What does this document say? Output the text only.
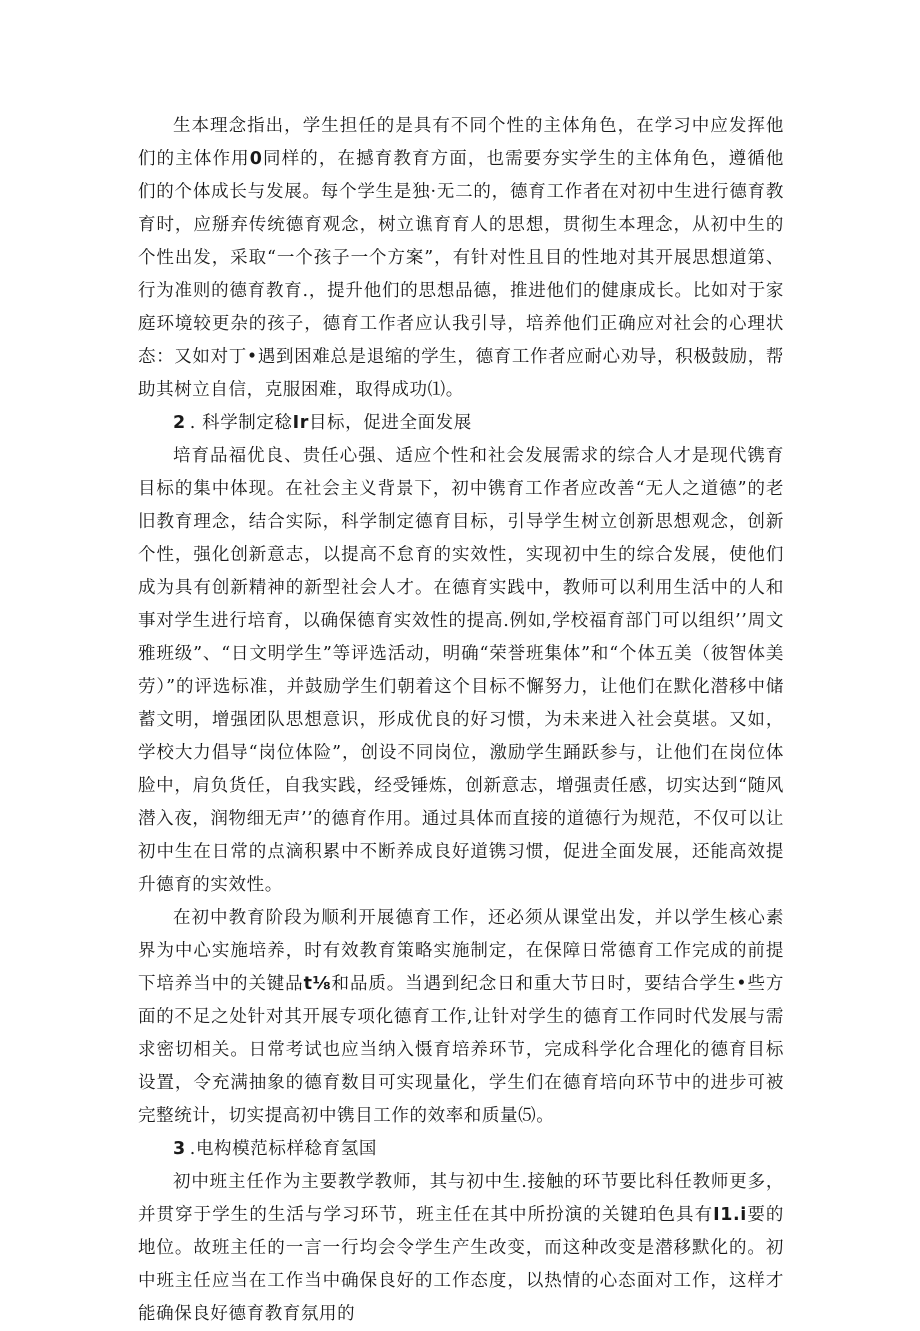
生本理念指出，学生担任的是具有不同个性的主体角色，在学习中应发挥他们的主体作用0同样的，在撼育教育方面，也需要夯实学生的主体角色，遵循他们的个体成长与发展。每个学生是独·无二的，德育工作者在对初中生进行德育教育时，应掰弃传统德育观念，树立谯育育人的思想，贯彻生本理念，从初中生的个性出发，采取“一个孩子一个方案”，有针对性且目的性地对其开展思想道第、行为准则的德育教育.，提升他们的思想品德，推进他们的健康成长。比如对于家庭环境较更杂的孩子，德育工作者应认我引导，培养他们正确应对社会的心理状态：又如对丁•遇到困难总是退缩的学生，德育工作者应耐心劝导，积极鼓励，帮助其树立自信，克服困难，取得成功⑴。

2 . 科学制定稔Ir目标，促进全面发展

培育品福优良、贵任心强、适应个性和社会发展需求的综合人才是现代镌育目标的集中体现。在社会主义背景下，初中镌育工作者应改善“无人之道德”的老旧教育理念，结合实际，科学制定德育目标，引导学生树立创新思想观念，创新个性，强化创新意志，以提高不怠育的实效性，实现初中生的综合发展，使他们成为具有创新精神的新型社会人才。在德育实践中，教师可以利用生活中的人和事对学生进行培育，以确保德育实效性的提高.例如,学校福育部门可以组织’’周文雅班级”、“日文明学生”等评选活动，明确“荣誉班集体”和“个体五美（彼智体美劳）”的评选标准，并鼓励学生们朝着这个目标不懈努力，让他们在默化潜移中储蓄文明，增强团队思想意识，形成优良的好习惯，为未来进入社会莫堪。又如，学校大力倡导“岗位体险”，创设不同岗位，激励学生踊跃参与，让他们在岗位体脸中，肩负货任，自我实践，经受锤炼，创新意志，增强责任感，切实达到“随风潜入夜，润物细无声’’的德育作用。通过具体而直接的道德行为规范，不仅可以让初中生在日常的点滴积累中不断养成良好道镌习惯，促进全面发展，还能高效提升德育的实效性。

在初中教育阶段为顺利开展德育工作，还必须从课堂出发，并以学生核心素界为中心实施培养，时有效教育策略实施制定，在保障日常德育工作完成的前提下培养当中的关键品t⅛和品质。当遇到纪念日和重大节日时，要结合学生•些方面的不足之处针对其开展专项化德育工作,让针对学生的德育工作同时代发展与需求密切相关。日常考试也应当纳入慑育培养环节，完成科学化合理化的德育目标设置，令充满抽象的德育数目可实现量化，学生们在德育培向环节中的进步可被完整统计，切实提高初中镌目工作的效率和质量⑸。

3 .电构模范标样稔育氢国

初中班主任作为主要教学教师，其与初中生.接触的环节要比科任教师更多，并贯穿于学生的生活与学习环节，班主任在其中所扮演的关键珀色具有I1.i要的地位。故班主任的一言一行均会令学生产生改变，而这种改变是潜移默化的。初中班主任应当在工作当中确保良好的工作态度，以热情的心态面对工作，这样才能确保良好德育教育氛用的
